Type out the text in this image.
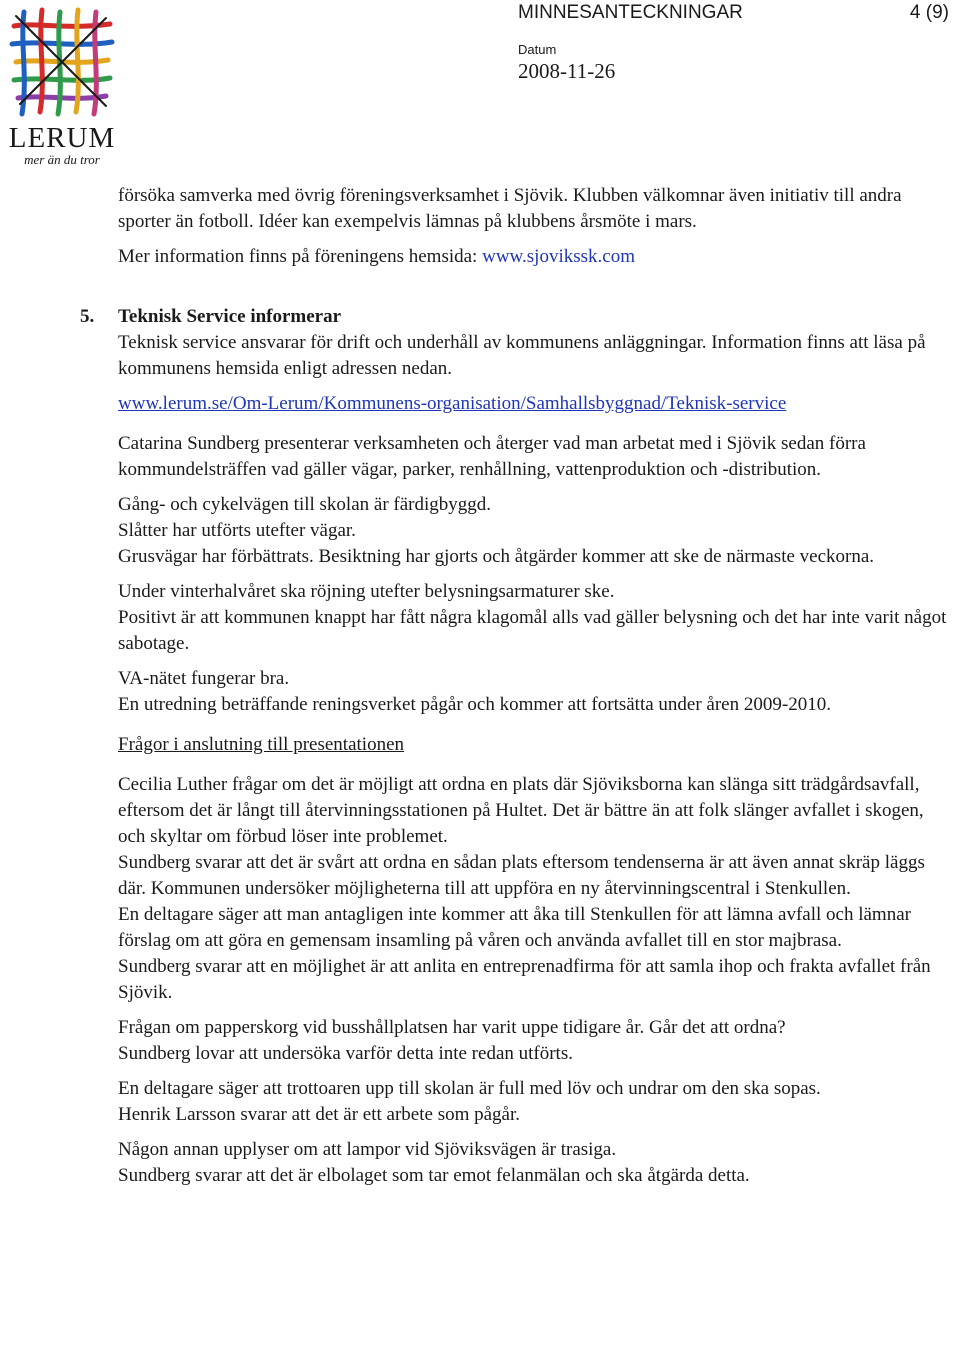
LERUM
mer än du tror
MINNESANTECKNINGAR	4 (9)
Datum
2008-11-26

försöka samverka med övrig föreningsverksamhet i Sjövik. Klubben välkomnar även initiativ till andra sporter än fotboll. Idéer kan exempelvis lämnas på klubbens årsmöte i mars.

Mer information finns på föreningens hemsida: www.sjovikssk.com

5. Teknisk Service informerar

Teknisk service ansvarar för drift och underhåll av kommunens anläggningar. Information finns att läsa på kommunens hemsida enligt adressen nedan.

www.lerum.se/Om-Lerum/Kommunens-organisation/Samhallsbyggnad/Teknisk-service

Catarina Sundberg presenterar verksamheten och återger vad man arbetat med i Sjövik sedan förra kommundelsträffen vad gäller vägar, parker, renhållning, vattenproduktion och -distribution.

Gång- och cykelvägen till skolan är färdigbyggd.

Slåtter har utförts utefter vägar.

Grusvägar har förbättrats. Besiktning har gjorts och åtgärder kommer att ske de närmaste veckorna.

Under vinterhalvåret ska röjning utefter belysningsarmaturer ske.

Positivt är att kommunen knappt har fått några klagomål alls vad gäller belysning och det har inte varit något sabotage.

VA-nätet fungerar bra.

En utredning beträffande reningsverket pågår och kommer att fortsätta under åren 2009-2010.

Frågor i anslutning till presentationen

Cecilia Luther frågar om det är möjligt att ordna en plats där Sjöviksborna kan slänga sitt trädgårdsavfall, eftersom det är långt till återvinningsstationen på Hultet. Det är bättre än att folk slänger avfallet i skogen, och skyltar om förbud löser inte problemet.

Sundberg svarar att det är svårt att ordna en sådan plats eftersom tendenserna är att även annat skräp läggs där. Kommunen undersöker möjligheterna till att uppföra en ny återvinningscentral i Stenkullen.

En deltagare säger att man antagligen inte kommer att åka till Stenkullen för att lämna avfall och lämnar förslag om att göra en gemensam insamling på våren och använda avfallet till en stor majbrasa.

Sundberg svarar att en möjlighet är att anlita en entreprenadfirma för att samla ihop och frakta avfallet från Sjövik.

Frågan om papperskorg vid busshållplatsen har varit uppe tidigare år. Går det att ordna?

Sundberg lovar att undersöka varför detta inte redan utförts.

En deltagare säger att trottoaren upp till skolan är full med löv och undrar om den ska sopas.

Henrik Larsson svarar att det är ett arbete som pågår.

Någon annan upplyser om att lampor vid Sjöviksvägen är trasiga.

Sundberg svarar att det är elbolaget som tar emot felanmälan och ska åtgärda detta.
